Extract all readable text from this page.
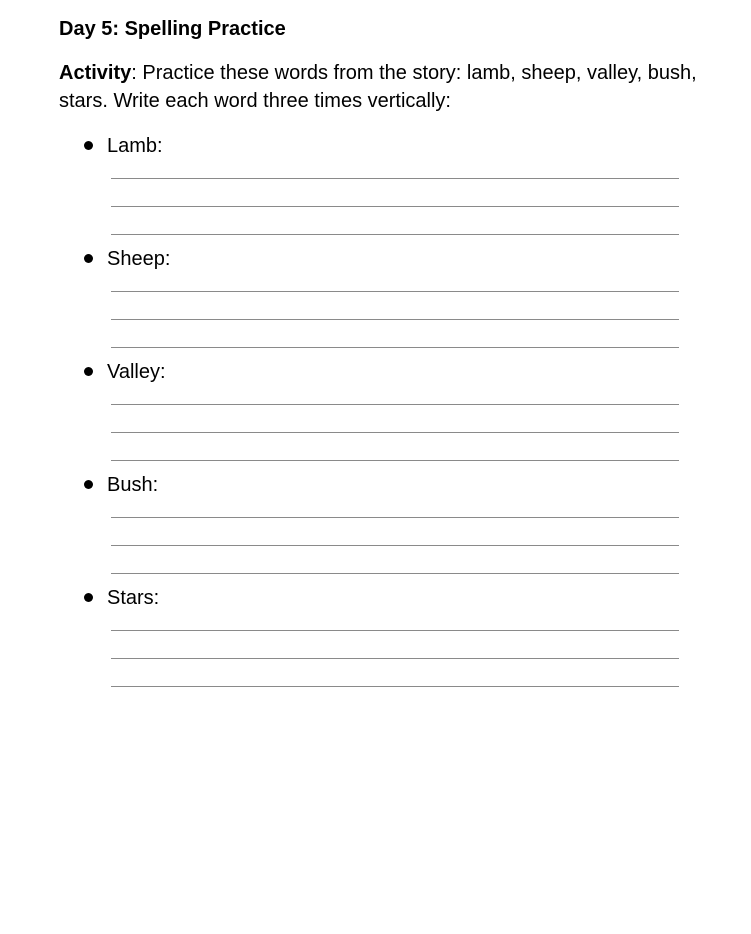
Day 5: Spelling Practice
Activity: Practice these words from the story: lamb, sheep, valley, bush, stars. Write each word three times vertically:
Lamb:
Sheep:
Valley:
Bush:
Stars:
